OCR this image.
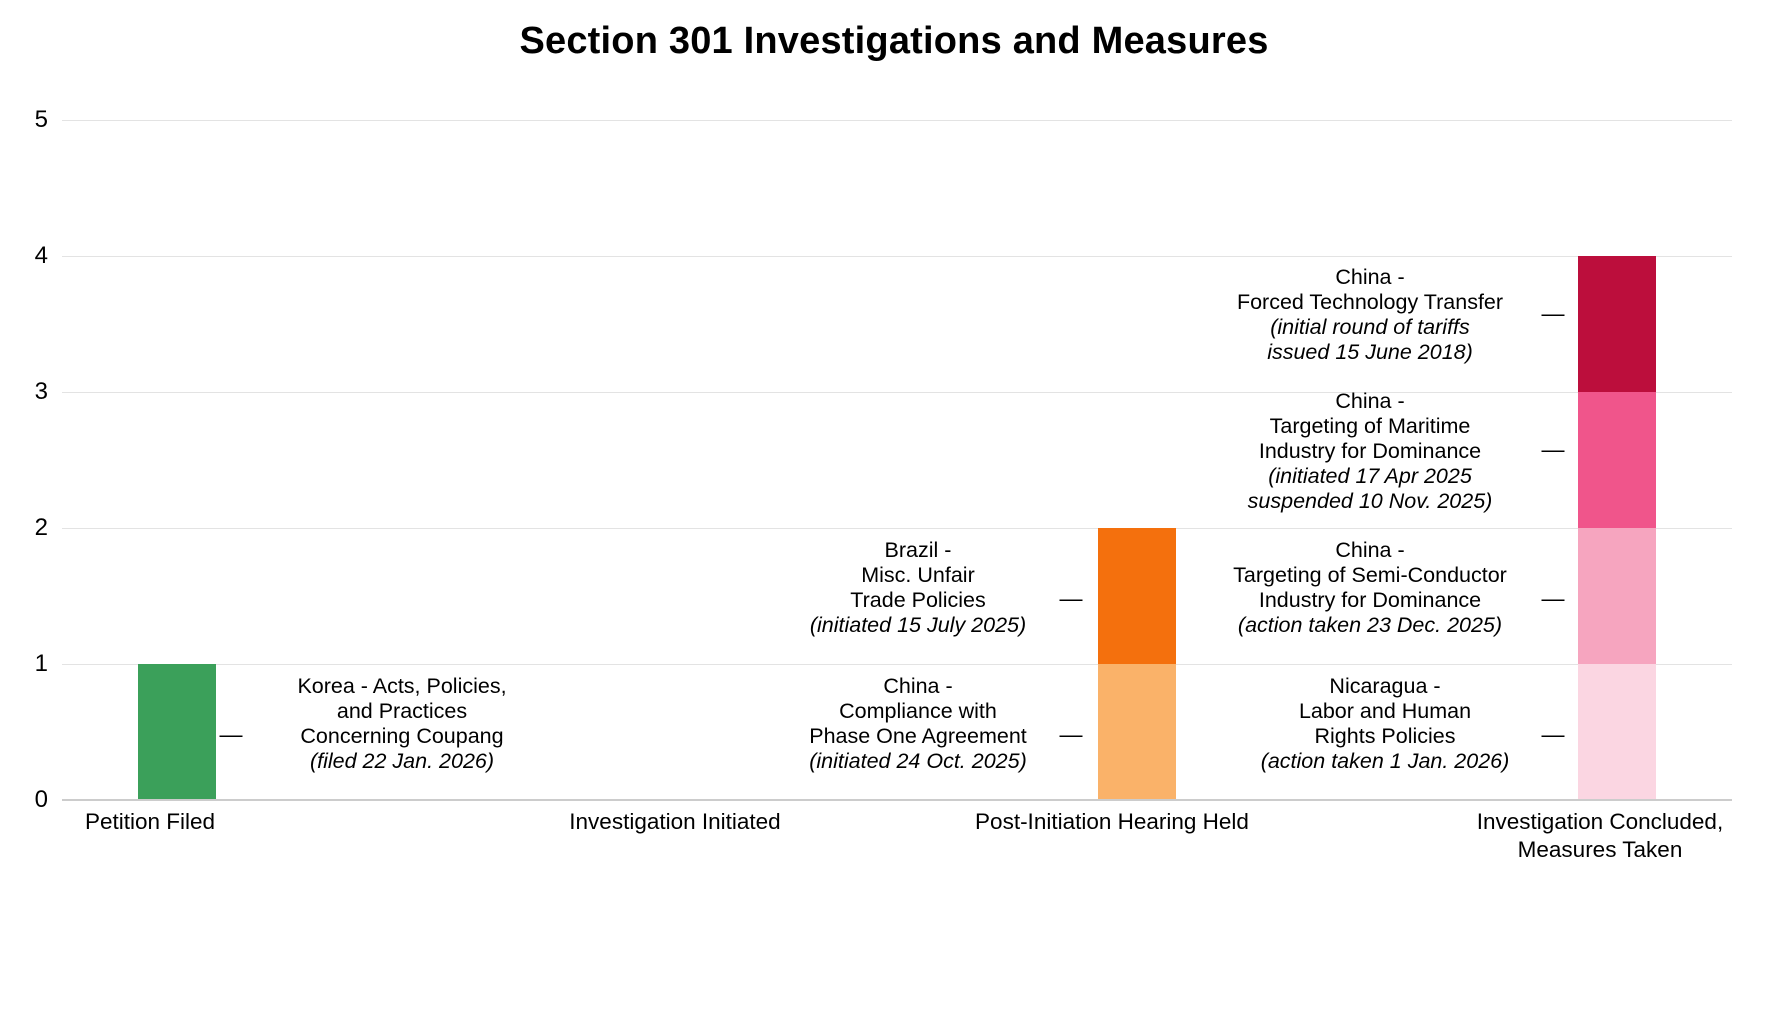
Section 301 Investigations and Measures
0
1
2
3
4
5
—
Korea - Acts, Policies,
and Practices
Concerning Coupang
(filed 22 Jan. 2026)
—
China -
Compliance with
Phase One Agreement
(initiated 24 Oct. 2025)
—
Brazil -
Misc. Unfair
Trade Policies
(initiated 15 July 2025)
—
Nicaragua -
Labor and Human
Rights Policies
(action taken 1 Jan. 2026)
—
China -
Targeting of Semi-Conductor
Industry for Dominance
(action taken 23 Dec. 2025)
—
China -
Targeting of Maritime
Industry for Dominance
(initiated 17 Apr 2025
suspended 10 Nov. 2025)
—
China -
Forced Technology Transfer
(initial round of tariffs
issued 15 June 2018)
Petition Filed	Investigation Initiated	Post-Initiation Hearing Held	Investigation Concluded,
Measures Taken
